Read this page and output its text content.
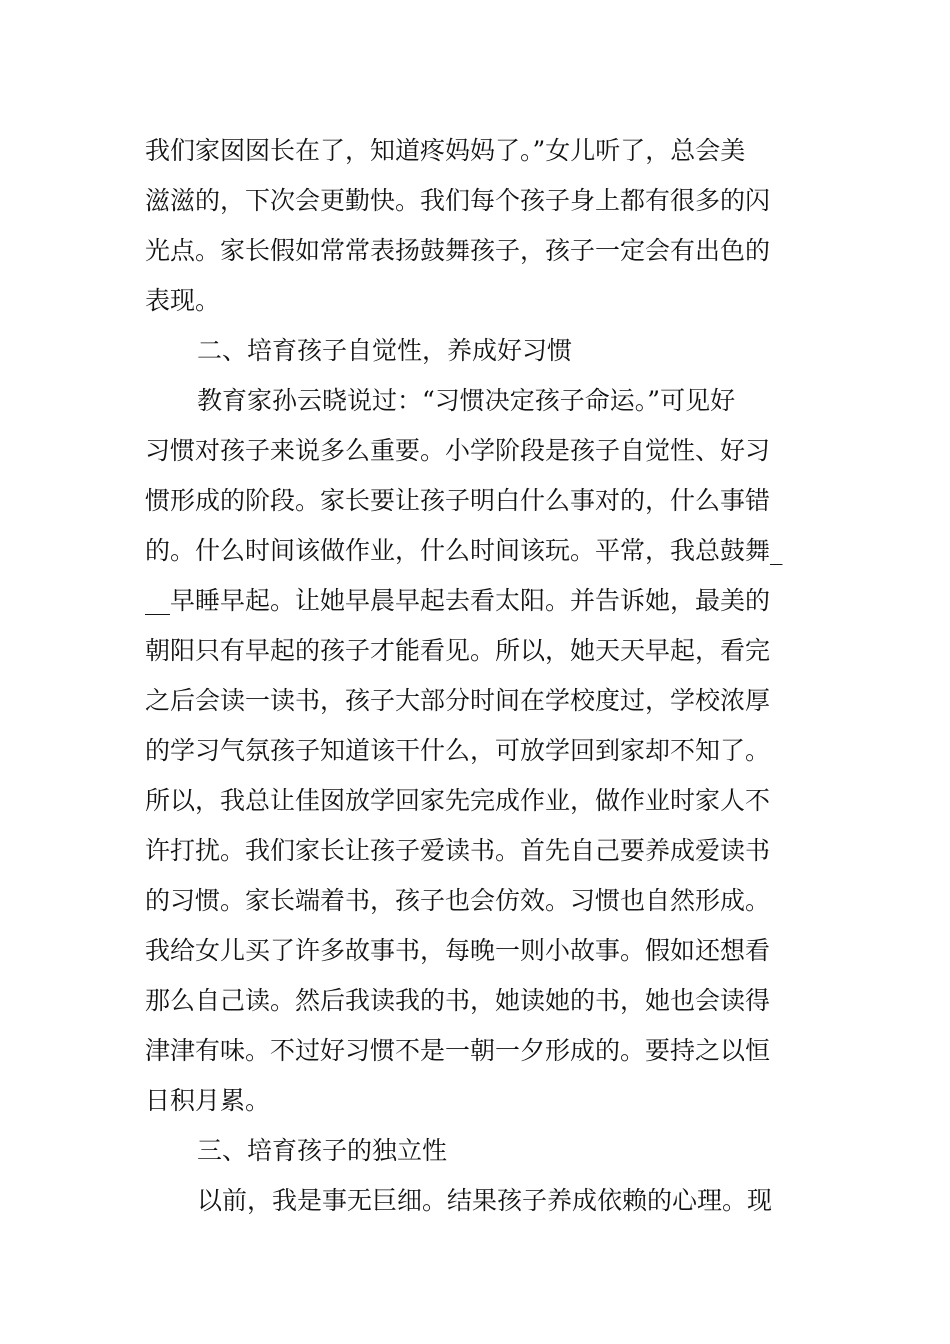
我们家囡囡长在了，知道疼妈妈了。”女儿听了，总会美
滋滋的，下次会更勤快。我们每个孩子身上都有很多的闪
光点。家长假如常常表扬鼓舞孩子，孩子一定会有出色的
表现。
二、培育孩子自觉性，养成好习惯
教育家孙云晓说过：“习惯决定孩子命运。”可见好
习惯对孩子来说多么重要。小学阶段是孩子自觉性、好习
惯形成的阶段。家长要让孩子明白什么事对的，什么事错
的。什么时间该做作业，什么时间该玩。平常，我总鼓舞_
__早睡早起。让她早晨早起去看太阳。并告诉她，最美的
朝阳只有早起的孩子才能看见。所以，她天天早起，看完
之后会读一读书，孩子大部分时间在学校度过，学校浓厚
的学习气氛孩子知道该干什么，可放学回到家却不知了。
所以，我总让佳囡放学回家先完成作业，做作业时家人不
许打扰。我们家长让孩子爱读书。首先自己要养成爱读书
的习惯。家长端着书，孩子也会仿效。习惯也自然形成。
我给女儿买了许多故事书，每晚一则小故事。假如还想看
那么自己读。然后我读我的书，她读她的书，她也会读得
津津有味。不过好习惯不是一朝一夕形成的。要持之以恒
日积月累。
三、培育孩子的独立性
以前，我是事无巨细。结果孩子养成依赖的心理。现
